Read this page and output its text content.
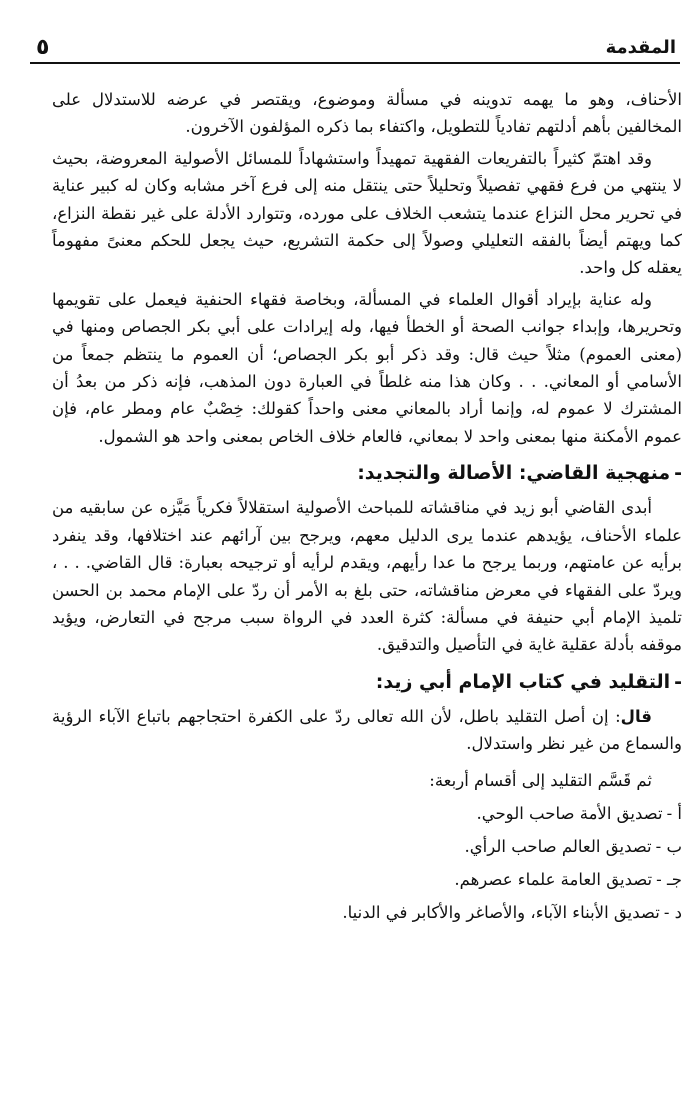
المقدمة
٥

الأحناف، وهو ما يهمه تدوينه في مسألة وموضوع، ويقتصر في عرضه للاستدلال على المخالفين بأهم أدلتهم تفادياً للتطويل، واكتفاء بما ذكره المؤلفون الآخرون.

وقد اهتمّ كثيراً بالتفريعات الفقهية تمهيداً واستشهاداً للمسائل الأصولية المعروضة، بحيث لا ينتهي من فرع فقهي تفصيلاً وتحليلاً حتى ينتقل منه إلى فرع آخر مشابه وكان له كبير عناية في تحرير محل النزاع عندما يتشعب الخلاف على مورده، وتتوارد الأدلة على غير نقطة النزاع، كما ويهتم أيضاً بالفقه التعليلي وصولاً إلى حكمة التشريع، حيث يجعل للحكم معنىً مفهوماً يعقله كل واحد.

وله عناية بإيراد أقوال العلماء في المسألة، وبخاصة فقهاء الحنفية فيعمل على تقويمها وتحريرها، وإبداء جوانب الصحة أو الخطأ فيها، وله إيرادات على أبي بكر الجصاص ومنها في (معنى العموم) مثلاً حيث قال: وقد ذكر أبو بكر الجصاص؛ أن العموم ما ينتظم جمعاً من الأسامي أو المعاني. . . وكان هذا منه غلطاً في العبارة دون المذهب، فإنه ذكر من بعدُ أن المشترك لا عموم له، وإنما أراد بالمعاني معنى واحداً كقولك: خِصْبٌ عام ومطر عام، فإن عموم الأمكنة منها بمعنى واحد لا بمعاني، فالعام خلاف الخاص بمعنى واحد هو الشمول.

-منهجية القاضي: الأصالة والتجديد:

أبدى القاضي أبو زيد في مناقشاته للمباحث الأصولية استقلالاً فكرياً مَيَّزه عن سابقيه من علماء الأحناف، يؤيدهم عندما يرى الدليل معهم، ويرجح بين آرائهم عند اختلافها، وقد ينفرد برأيه عن عامتهم، وربما يرجح ما عدا رأيهم، ويقدم لرأيه أو ترجيحه بعبارة: قال القاضي. . . ، ويردّ على الفقهاء في معرض مناقشاته، حتى بلغ به الأمر أن ردّ على الإمام محمد بن الحسن تلميذ الإمام أبي حنيفة في مسألة: كثرة العدد في الرواة سبب مرجح في التعارض، ويؤيد موقفه بأدلة عقلية غاية في التأصيل والتدقيق.

-التقليد في كتاب الإمام أبي زيد:

قال: إن أصل التقليد باطل، لأن الله تعالى ردّ على الكفرة احتجاجهم باتباع الآباء الرؤية والسماع من غير نظر واستدلال.

ثم قَسَّم التقليد إلى أقسام أربعة:
أ -تصديق الأمة صاحب الوحي.
ب -تصديق العالم صاحب الرأي.
جـ -تصديق العامة علماء عصرهم.
د -تصديق الأبناء الآباء، والأصاغر والأكابر في الدنيا.
